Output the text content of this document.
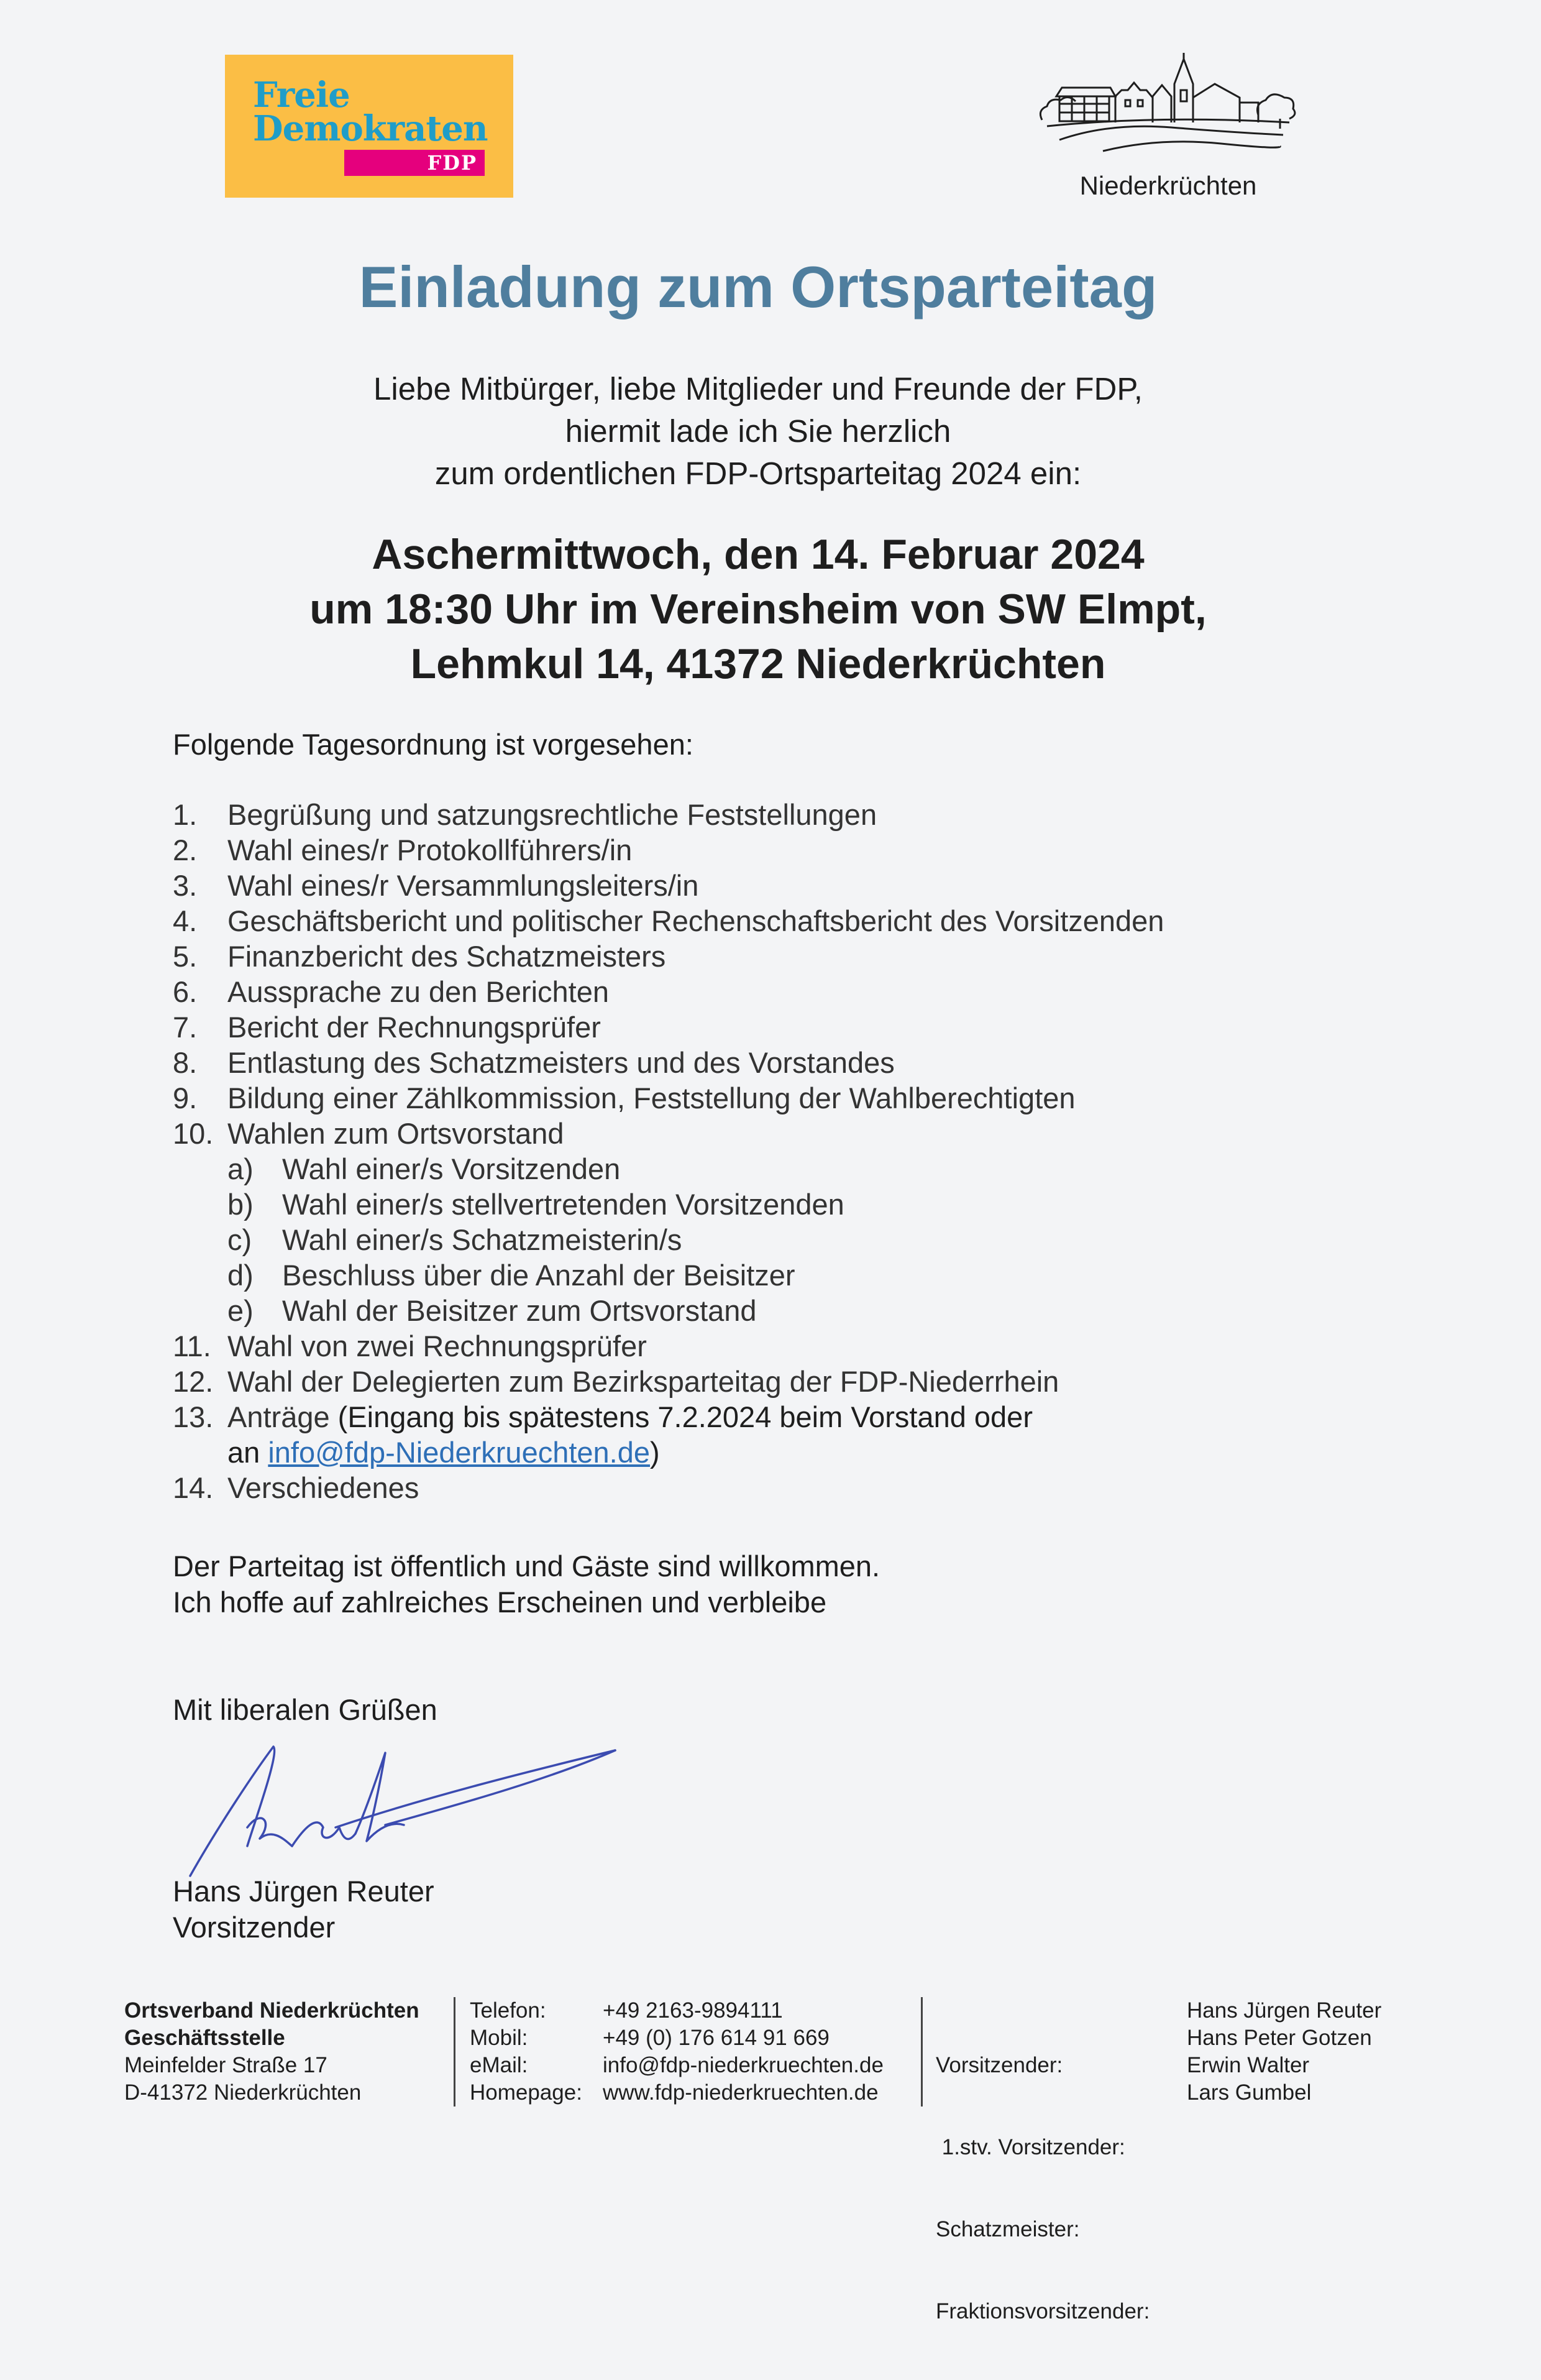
Freie
Demokraten
FDP
Niederkrüchten
Einladung zum Ortsparteitag
Liebe Mitbürger, liebe Mitglieder und Freunde der FDP,
hiermit lade ich Sie herzlich
zum ordentlichen FDP-Ortsparteitag 2024 ein:
Aschermittwoch, den 14. Februar 2024
um 18:30 Uhr im Vereinsheim von SW Elmpt,
Lehmkul 14, 41372 Niederkrüchten
Folgende Tagesordnung ist vorgesehen:
1. Begrüßung und satzungsrechtliche Feststellungen
2. Wahl eines/r Protokollführers/in
3. Wahl eines/r Versammlungsleiters/in
4. Geschäftsbericht und politischer Rechenschaftsbericht des Vorsitzenden
5. Finanzbericht des Schatzmeisters
6. Aussprache zu den Berichten
7. Bericht der Rechnungsprüfer
8. Entlastung des Schatzmeisters und des Vorstandes
9. Bildung einer Zählkommission, Feststellung der Wahlberechtigten
10. Wahlen zum Ortsvorstand
a) Wahl einer/s Vorsitzenden
b) Wahl einer/s stellvertretenden Vorsitzenden
c) Wahl einer/s Schatzmeisterin/s
d) Beschluss über die Anzahl der Beisitzer
e) Wahl der Beisitzer zum Ortsvorstand
11. Wahl von zwei Rechnungsprüfer
12. Wahl der Delegierten zum Bezirksparteitag der FDP-Niederrhein
13. Anträge (Eingang bis spätestens 7.2.2024 beim Vorstand oder
an info@fdp-Niederkruechten.de)
14. Verschiedenes
Der Parteitag ist öffentlich und Gäste sind willkommen.
Ich hoffe auf zahlreiches Erscheinen und verbleibe
Mit liberalen Grüßen
Hans Jürgen Reuter
Vorsitzender
Ortsverband Niederkrüchten
Geschäftsstelle
Meinfelder Straße 17
D-41372 Niederkrüchten
Telefon:
Mobil:
eMail:
Homepage:
+49 2163-9894111
+49 (0) 176 614 91 669
info@fdp-niederkruechten.de
www.fdp-niederkruechten.de

Vorsitzender:

1.stv. Vorsitzender:

Schatzmeister:

Fraktionsvorsitzender:

Hans Jürgen Reuter
Hans Peter Gotzen
Erwin Walter
Lars Gumbel
